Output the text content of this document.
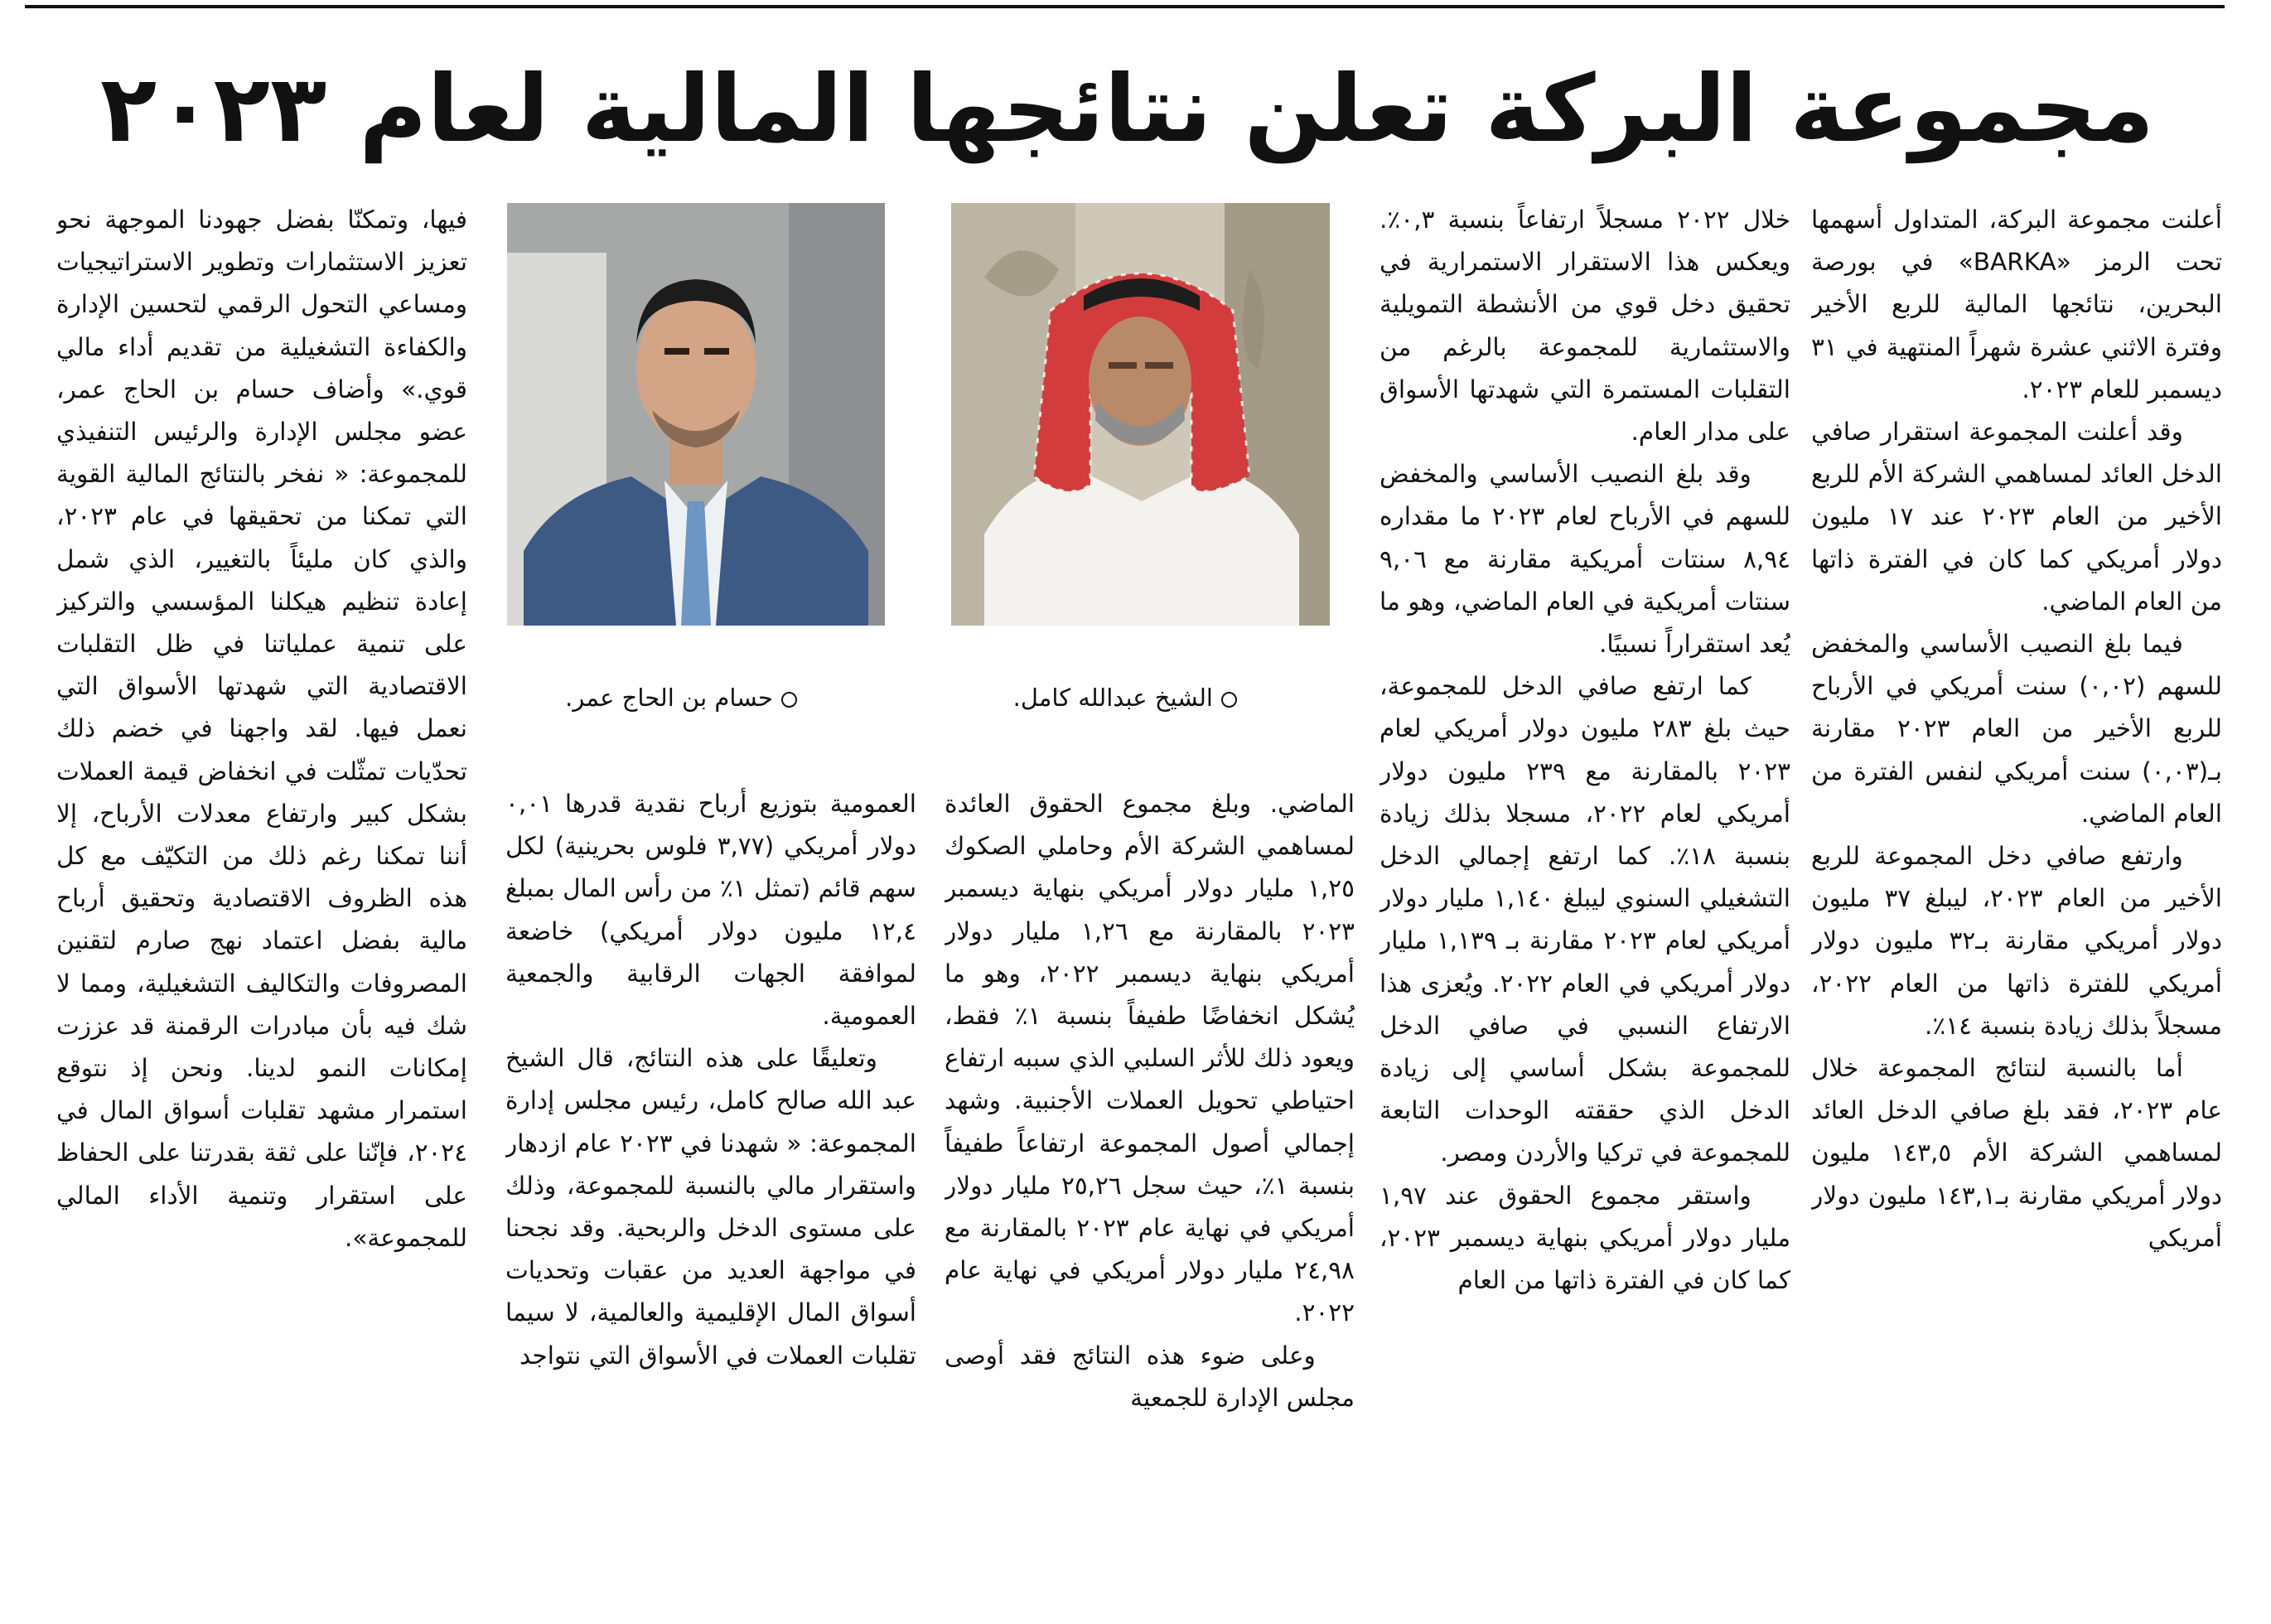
مجموعة البركة تعلن نتائجها المالية لعام ٢٠٢٣

أعلنت مجموعة البركة، المتداول أسهمها تحت الرمز «BARKA» في بورصة البحرين، نتائجها المالية للربع الأخير وفترة الاثني عشرة شهراً المنتهية في ٣١ ديسمبر للعام ٢٠٢٣.

وقد أعلنت المجموعة استقرار صافي الدخل العائد لمساهمي الشركة الأم للربع الأخير من العام ٢٠٢٣ عند ١٧ مليون دولار أمريكي كما كان في الفترة ذاتها من العام الماضي.

فيما بلغ النصيب الأساسي والمخفض للسهم (٠,٠٢) سنت أمريكي في الأرباح للربع الأخير من العام ٢٠٢٣ مقارنة بـ(٠,٠٣) سنت أمريكي لنفس الفترة من العام الماضي.

وارتفع صافي دخل المجموعة للربع الأخير من العام ٢٠٢٣، ليبلغ ٣٧ مليون دولار أمريكي مقارنة بـ٣٢ مليون دولار أمريكي للفترة ذاتها من العام ٢٠٢٢، مسجلاً بذلك زيادة بنسبة ١٤٪.

أما بالنسبة لنتائج المجموعة خلال عام ٢٠٢٣، فقد بلغ صافي الدخل العائد لمساهمي الشركة الأم ١٤٣,٥ مليون دولار أمريكي مقارنة بـ١٤٣,١ مليون دولار أمريكي

خلال ٢٠٢٢ مسجلاً ارتفاعاً بنسبة ٠,٣٪. ويعكس هذا الاستقرار الاستمرارية في تحقيق دخل قوي من الأنشطة التمويلية والاستثمارية للمجموعة بالرغم من التقلبات المستمرة التي شهدتها الأسواق على مدار العام.

وقد بلغ النصيب الأساسي والمخفض للسهم في الأرباح لعام ٢٠٢٣ ما مقداره ٨,٩٤ سنتات أمريكية مقارنة مع ٩,٠٦ سنتات أمريكية في العام الماضي، وهو ما يُعد استقراراً نسبيًا.

كما ارتفع صافي الدخل للمجموعة، حيث بلغ ٢٨٣ مليون دولار أمريكي لعام ٢٠٢٣ بالمقارنة مع ٢٣٩ مليون دولار أمريكي لعام ٢٠٢٢، مسجلا بذلك زيادة بنسبة ١٨٪. كما ارتفع إجمالي الدخل التشغيلي السنوي ليبلغ ١,١٤٠ مليار دولار أمريكي لعام ٢٠٢٣ مقارنة بـ ١,١٣٩ مليار دولار أمريكي في العام ٢٠٢٢. ويُعزى هذا الارتفاع النسبي في صافي الدخل للمجموعة بشكل أساسي إلى زيادة الدخل الذي حققته الوحدات التابعة للمجموعة في تركيا والأردن ومصر.

واستقر مجموع الحقوق عند ١,٩٧ مليار دولار أمريكي بنهاية ديسمبر ٢٠٢٣، كما كان في الفترة ذاتها من العام

الشيخ عبدالله كامل.

الماضي. وبلغ مجموع الحقوق العائدة لمساهمي الشركة الأم وحاملي الصكوك ١,٢٥ مليار دولار أمريكي بنهاية ديسمبر ٢٠٢٣ بالمقارنة مع ١,٢٦ مليار دولار أمريكي بنهاية ديسمبر ٢٠٢٢، وهو ما يُشكل انخفاضًا طفيفاً بنسبة ١٪ فقط، ويعود ذلك للأثر السلبي الذي سببه ارتفاع احتياطي تحويل العملات الأجنبية. وشهد إجمالي أصول المجموعة ارتفاعاً طفيفاً بنسبة ١٪، حيث سجل ٢٥,٢٦ مليار دولار أمريكي في نهاية عام ٢٠٢٣ بالمقارنة مع ٢٤,٩٨ مليار دولار أمريكي في نهاية عام ٢٠٢٢.

وعلى ضوء هذه النتائج فقد أوصى مجلس الإدارة للجمعية

حسام بن الحاج عمر.

العمومية بتوزيع أرباح نقدية قدرها ٠,٠١ دولار أمريكي (٣,٧٧ فلوس بحرينية) لكل سهم قائم (تمثل ١٪ من رأس المال بمبلغ ١٢,٤ مليون دولار أمريكي) خاضعة لموافقة الجهات الرقابية والجمعية العمومية.

وتعليقًا على هذه النتائج، قال الشيخ عبد الله صالح كامل، رئيس مجلس إدارة المجموعة: « شهدنا في ٢٠٢٣ عام ازدهار واستقرار مالي بالنسبة للمجموعة، وذلك على مستوى الدخل والربحية. وقد نجحنا في مواجهة العديد من عقبات وتحديات أسواق المال الإقليمية والعالمية، لا سيما تقلبات العملات في الأسواق التي نتواجد

فيها، وتمكنّا بفضل جهودنا الموجهة نحو تعزيز الاستثمارات وتطوير الاستراتيجيات ومساعي التحول الرقمي لتحسين الإدارة والكفاءة التشغيلية من تقديم أداء مالي قوي.» وأضاف حسام بن الحاج عمر، عضو مجلس الإدارة والرئيس التنفيذي للمجموعة: « نفخر بالنتائج المالية القوية التي تمكنا من تحقيقها في عام ٢٠٢٣، والذي كان مليئاً بالتغيير، الذي شمل إعادة تنظيم هيكلنا المؤسسي والتركيز على تنمية عملياتنا في ظل التقلبات الاقتصادية التي شهدتها الأسواق التي نعمل فيها. لقد واجهنا في خضم ذلك تحدّيات تمثّلت في انخفاض قيمة العملات بشكل كبير وارتفاع معدلات الأرباح، إلا أننا تمكنا رغم ذلك من التكيّف مع كل هذه الظروف الاقتصادية وتحقيق أرباح مالية بفضل اعتماد نهج صارم لتقنين المصروفات والتكاليف التشغيلية، ومما لا شك فيه بأن مبادرات الرقمنة قد عززت إمكانات النمو لدينا. ونحن إذ نتوقع استمرار مشهد تقلبات أسواق المال في ٢٠٢٤، فإنّنا على ثقة بقدرتنا على الحفاظ على استقرار وتنمية الأداء المالي للمجموعة».
